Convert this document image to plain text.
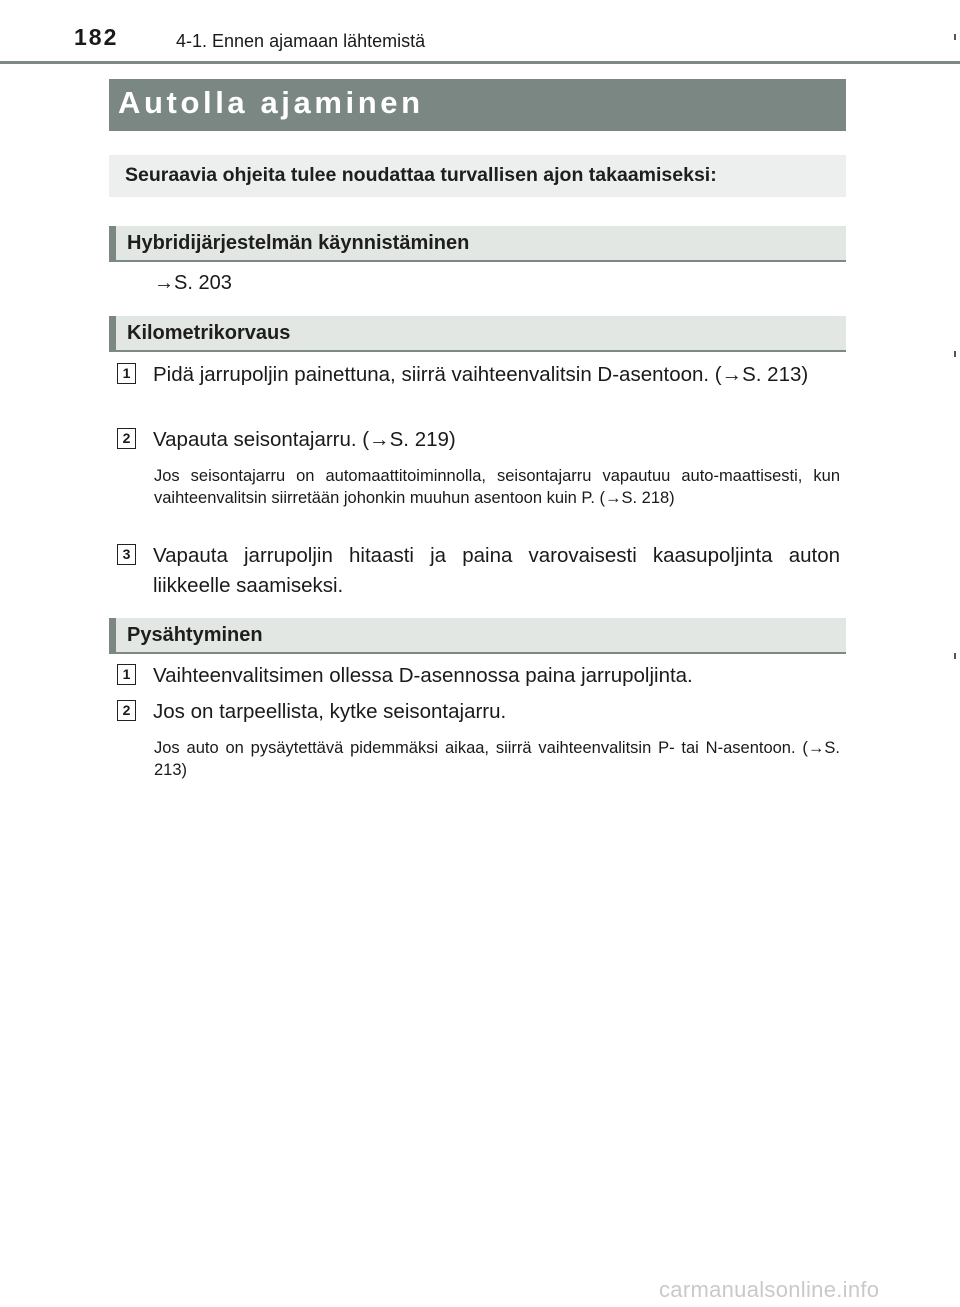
182	4-1. Ennen ajamaan lähtemistä
Autolla ajaminen
Seuraavia ohjeita tulee noudattaa turvallisen ajon takaamiseksi:
Hybridijärjestelmän käynnistäminen
→S. 203
Kilometrikorvaus
1 Pidä jarrupoljin painettuna, siirrä vaihteenvalitsin D-asentoon. (→S. 213)
2 Vapauta seisontajarru. (→S. 219)
Jos seisontajarru on automaattitoiminnolla, seisontajarru vapautuu auto-maattisesti, kun vaihteenvalitsin siirretään johonkin muuhun asentoon kuin P. (→S. 218)
3 Vapauta jarrupoljin hitaasti ja paina varovaisesti kaasupoljinta auton liikkeelle saamiseksi.
Pysähtyminen
1 Vaihteenvalitsimen ollessa D-asennossa paina jarrupoljinta.
2 Jos on tarpeellista, kytke seisontajarru.
Jos auto on pysäytettävä pidemmäksi aikaa, siirrä vaihteenvalitsin P- tai N-asentoon. (→S. 213)
carmanualsonline.info
